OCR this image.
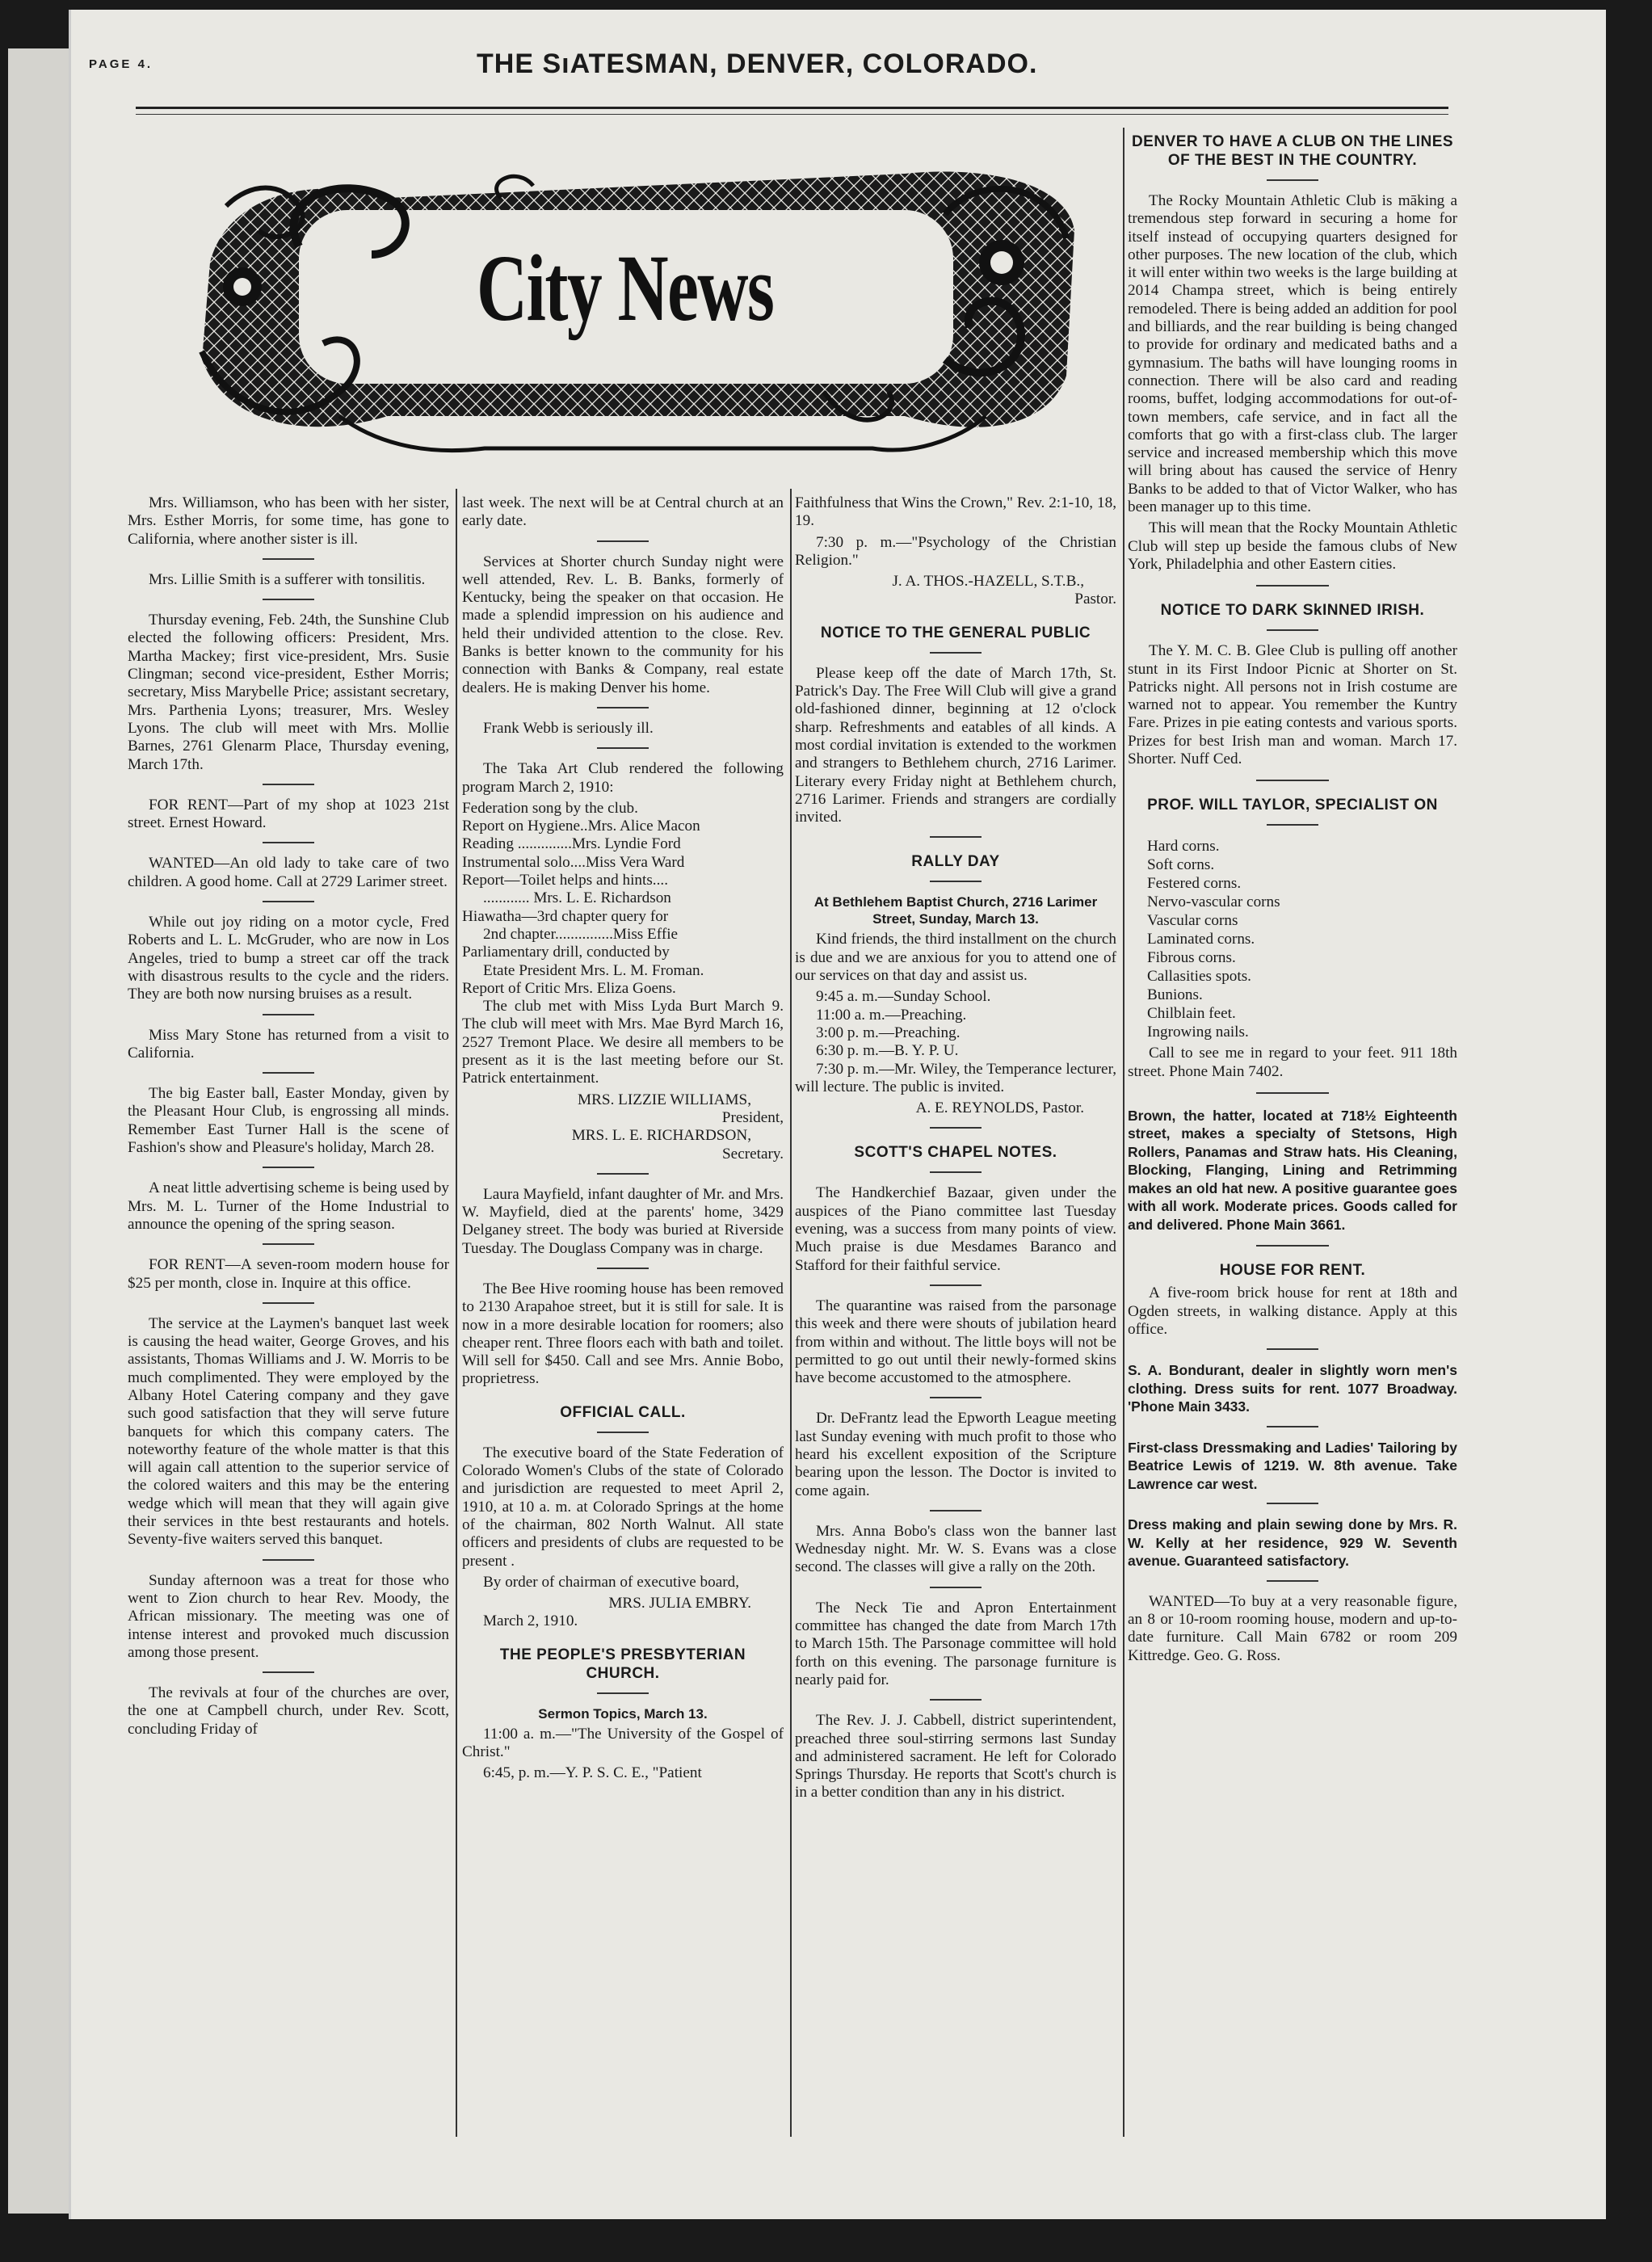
PAGE 4.	THE SıATESMAN, DENVER, COLORADO.
City News

Mrs. Williamson, who has been with her sister, Mrs. Esther Morris, for some time, has gone to California, where another sister is ill.

Mrs. Lillie Smith is a sufferer with tonsilitis.

Thursday evening, Feb. 24th, the Sunshine Club elected the following officers: President, Mrs. Martha Mackey; first vice-president, Mrs. Susie Clingman; second vice-president, Esther Morris; secretary, Miss Marybelle Price; assistant secretary, Mrs. Parthenia Lyons; treasurer, Mrs. Wesley Lyons. The club will meet with Mrs. Mollie Barnes, 2761 Glenarm Place, Thursday evening, March 17th.

FOR RENT—Part of my shop at 1023 21st street. Ernest Howard.

WANTED—An old lady to take care of two children. A good home. Call at 2729 Larimer street.

While out joy riding on a motor cycle, Fred Roberts and L. L. McGruder, who are now in Los Angeles, tried to bump a street car off the track with disastrous results to the cycle and the riders. They are both now nursing bruises as a result.

Miss Mary Stone has returned from a visit to California.

The big Easter ball, Easter Monday, given by the Pleasant Hour Club, is engrossing all minds. Remember East Turner Hall is the scene of Fashion's show and Pleasure's holiday, March 28.

A neat little advertising scheme is being used by Mrs. M. L. Turner of the Home Industrial to announce the opening of the spring season.

FOR RENT—A seven-room modern house for $25 per month, close in. Inquire at this office.

The service at the Laymen's banquet last week is causing the head waiter, George Groves, and his assistants, Thomas Williams and J. W. Morris to be much complimented. They were employed by the Albany Hotel Catering company and they gave such good satisfaction that they will serve future banquets for which this company caters. The noteworthy feature of the whole matter is that this will again call attention to the superior service of the colored waiters and this may be the entering wedge which will mean that they will again give their services in thte best restaurants and hotels. Seventy-five waiters served this banquet.

Sunday afternoon was a treat for those who went to Zion church to hear Rev. Moody, the African missionary. The meeting was one of intense interest and provoked much discussion among those present.

The revivals at four of the churches are over, the one at Campbell church, under Rev. Scott, concluding Friday of

last week. The next will be at Central church at an early date.

Services at Shorter church Sunday night were well attended, Rev. L. B. Banks, formerly of Kentucky, being the speaker on that occasion. He made a splendid impression on his audience and held their undivided attention to the close. Rev. Banks is better known to the community for his connection with Banks & Company, real estate dealers. He is making Denver his home.

Frank Webb is seriously ill.

The Taka Art Club rendered the following program March 2, 1910:

Federation song by the club.
Report on Hygiene..Mrs. Alice Macon
Reading ..............Mrs. Lyndie Ford
Instrumental solo....Miss Vera Ward
Report—Toilet helps and hints....
............ Mrs. L. E. Richardson
Hiawatha—3rd chapter query for
2nd chapter...............Miss Effie
Parliamentary drill, conducted by
Etate President Mrs. L. M. Froman.
Report of Critic Mrs. Eliza Goens.

The club met with Miss Lyda Burt March 9. The club will meet with Mrs. Mae Byrd March 16, 2527 Tremont Place. We desire all members to be present as it is the last meeting before our St. Patrick entertainment.

MRS. LIZZIE WILLIAMS,
President,
MRS. L. E. RICHARDSON,
Secretary.

Laura Mayfield, infant daughter of Mr. and Mrs. W. Mayfield, died at the parents' home, 3429 Delganey street. The body was buried at Riverside Tuesday. The Douglass Company was in charge.

The Bee Hive rooming house has been removed to 2130 Arapahoe street, but it is still for sale. It is now in a more desirable location for roomers; also cheaper rent. Three floors each with bath and toilet. Will sell for $450. Call and see Mrs. Annie Bobo, proprietress.

OFFICIAL CALL.

The executive board of the State Federation of Colorado Women's Clubs of the state of Colorado and jurisdiction are requested to meet April 2, 1910, at 10 a. m. at Colorado Springs at the home of the chairman, 802 North Walnut. All state officers and presidents of clubs are requested to be present .

By order of chairman of executive board,

MRS. JULIA EMBRY.
March 2, 1910.
THE PEOPLE'S PRESBYTERIAN CHURCH.
Sermon Topics, March 13.

11:00 a. m.—"The University of the Gospel of Christ."

6:45, p. m.—Y. P. S. C. E., "Patient

Faithfulness that Wins the Crown," Rev. 2:1-10, 18, 19.

7:30 p. m.—"Psychology of the Christian Religion."

J. A. THOS.-HAZELL, S.T.B.,
Pastor.
NOTICE TO THE GENERAL PUBLIC

Please keep off the date of March 17th, St. Patrick's Day. The Free Will Club will give a grand old-fashioned dinner, beginning at 12 o'clock sharp. Refreshments and eatables of all kinds. A most cordial invitation is extended to the workmen and strangers to Bethlehem church, 2716 Larimer. Literary every Friday night at Bethlehem church, 2716 Larimer. Friends and strangers are cordially invited.

RALLY DAY
At Bethlehem Baptist Church, 2716 Larimer Street, Sunday, March 13.

Kind friends, the third installment on the church is due and we are anxious for you to attend one of our services on that day and assist us.

9:45 a. m.—Sunday School.
11:00 a. m.—Preaching.
3:00 p. m.—Preaching.
6:30 p. m.—B. Y. P. U.

7:30 p. m.—Mr. Wiley, the Temperance lecturer, will lecture. The public is invited.

A. E. REYNOLDS, Pastor.
SCOTT'S CHAPEL NOTES.

The Handkerchief Bazaar, given under the auspices of the Piano committee last Tuesday evening, was a success from many points of view. Much praise is due Mesdames Baranco and Stafford for their faithful service.

The quarantine was raised from the parsonage this week and there were shouts of jubilation heard from within and without. The little boys will not be permitted to go out until their newly-formed skins have become accustomed to the atmosphere.

Dr. DeFrantz lead the Epworth League meeting last Sunday evening with much profit to those who heard his excellent exposition of the Scripture bearing upon the lesson. The Doctor is invited to come again.

Mrs. Anna Bobo's class won the banner last Wednesday night. Mr. W. S. Evans was a close second. The classes will give a rally on the 20th.

The Neck Tie and Apron Entertainment committee has changed the date from March 17th to March 15th. The Parsonage committee will hold forth on this evening. The parsonage furniture is nearly paid for.

The Rev. J. J. Cabbell, district superintendent, preached three soul-stirring sermons last Sunday and administered sacrament. He left for Colorado Springs Thursday. He reports that Scott's church is in a better condition than any in his district.

DENVER TO HAVE A CLUB ON THE LINES OF THE BEST IN THE COUNTRY.

The Rocky Mountain Athletic Club is māking a tremendous step forward in securing a home for itself instead of occupying quarters designed for other purposes. The new location of the club, which it will enter within two weeks is the large building at 2014 Champa street, which is being entirely remodeled. There is being added an addition for pool and billiards, and the rear building is being changed to provide for ordinary and medicated baths and a gymnasium. The baths will have lounging rooms in connection. There will be also card and reading rooms, buffet, lodging accommodations for out-of-town members, cafe service, and in fact all the comforts that go with a first-class club. The larger service and increased membership which this move will bring about has caused the service of Henry Banks to be added to that of Victor Walker, who has been manager up to this time.

This will mean that the Rocky Mountain Athletic Club will step up beside the famous clubs of New York, Philadelphia and other Eastern cities.

NOTICE TO DARK SkINNED IRISH.

The Y. M. C. B. Glee Club is pulling off another stunt in its First Indoor Picnic at Shorter on St. Patricks night. All persons not in Irish costume are warned not to appear. You remember the Kuntry Fare. Prizes in pie eating contests and various sports. Prizes for best Irish man and woman. March 17. Shorter. Nuff Ced.

PROF. WILL TAYLOR, SPECIALIST ON
Hard corns.
Soft corns.
Festered corns.
Nervo-vascular corns
Vascular corns
Laminated corns.
Fibrous corns.
Callasities spots.
Bunions.
Chilblain feet.
Ingrowing nails.

Call to see me in regard to your feet. 911 18th street. Phone Main 7402.

Brown, the hatter, located at 718½ Eighteenth street, makes a specialty of Stetsons, High Rollers, Panamas and Straw hats. His Cleaning, Blocking, Flanging, Lining and Retrimming makes an old hat new. A positive guarantee goes with all work. Moderate prices. Goods called for and delivered. Phone Main 3661.

HOUSE FOR RENT.

A five-room brick house for rent at 18th and Ogden streets, in walking distance. Apply at this office.

S. A. Bondurant, dealer in slightly worn men's clothing. Dress suits for rent. 1077 Broadway. 'Phone Main 3433.

First-class Dressmaking and Ladies' Tailoring by Beatrice Lewis of 1219. W. 8th avenue. Take Lawrence car west.

Dress making and plain sewing done by Mrs. R. W. Kelly at her residence, 929 W. Seventh avenue. Guaranteed satisfactory.

WANTED—To buy at a very reasonable figure, an 8 or 10-room rooming house, modern and up-to-date furniture. Call Main 6782 or room 209 Kittredge. Geo. G. Ross.
